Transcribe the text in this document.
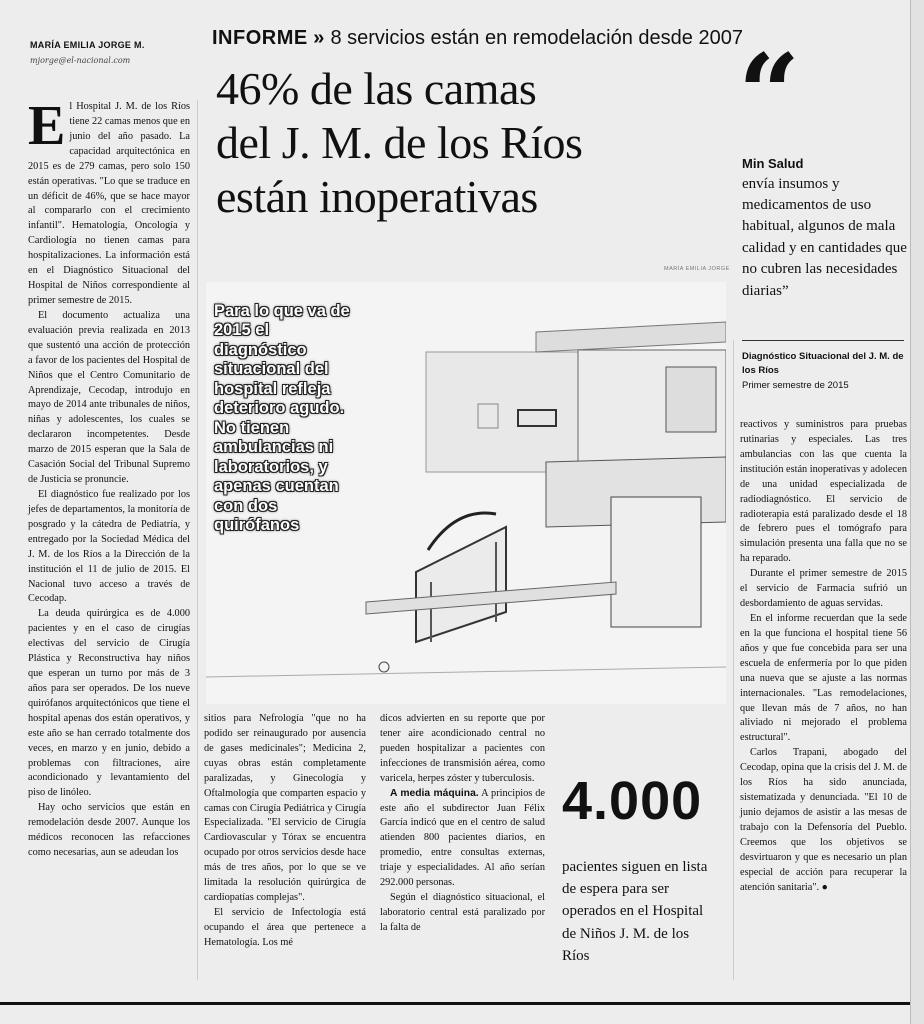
MARÍA EMILIA JORGE M.
mjorge@el-nacional.com
INFORME » 8 servicios están en remodelación desde 2007
46% de las camas
del J. M. de los Ríos
están inoperativas
“
Min Salud
envía insumos y medicamentos de uso habitual, algunos de mala calidad y en cantidades que no cubren las necesidades diarias”
Diagnóstico Situacional del J. M. de los Ríos
Primer semestre de 2015
E l Hospital J. M. de los Ríos tiene 22 camas menos que en junio del año pasado. La capacidad arquitectónica en 2015 es de 279 camas, pero solo 150 están operativas. "Lo que se traduce en un déficit de 46%, que se hace mayor al compararlo con el crecimiento infantil". Hematología, Oncología y Cardiología no tienen camas para hospitalizaciones. La información está en el Diagnóstico Situacional del Hospital de Niños correspondiente al primer semestre de 2015.

El documento actualiza una evaluación previa realizada en 2013 que sustentó una acción de protección a favor de los pacientes del Hospital de Niños que el Centro Comunitario de Aprendizaje, Cecodap, introdujo en mayo de 2014 ante tribunales de niños, niñas y adolescentes, los cuales se declararon incompetentes. Desde marzo de 2015 esperan que la Sala de Casación Social del Tribunal Supremo de Justicia se pronuncie.

El diagnóstico fue realizado por los jefes de departamentos, la monitoría de posgrado y la cátedra de Pediatría, y entregado por la Sociedad Médica del J. M. de los Ríos a la Dirección de la institución el 11 de julio de 2015. El Nacional tuvo acceso a través de Cecodap.

La deuda quirúrgica es de 4.000 pacientes y en el caso de cirugías electivas del servicio de Cirugía Plástica y Reconstructiva hay niños que esperan un turno por más de 3 años para ser operados. De los nueve quirófanos arquitectónicos que tiene el hospital apenas dos están operativos, y este año se han cerrado totalmente dos veces, en marzo y en junio, debido a problemas con filtraciones, aire acondicionado y levantamiento del piso de linóleo.

Hay ocho servicios que están en remodelación desde 2007. Aunque los médicos reconocen las refacciones como necesarias, aun se adeudan los

MARÍA EMILIA JORGE
Para lo que va de 2015 el diagnóstico situacional del hospital refleja deterioro agudo. No tienen ambulancias ni laboratorios, y apenas cuentan con dos quirófanos

sitios para Nefrología "que no ha podido ser reinaugurado por ausencia de gases medicinales"; Medicina 2, cuyas obras están completamente paralizadas, y Ginecología y Oftalmología que comparten espacio y camas con Cirugía Pediátrica y Cirugía Especializada. "El servicio de Cirugía Cardiovascular y Tórax se encuentra ocupado por otros servicios desde hace más de tres años, por lo que se ve limitada la resolución quirúrgica de cardiopatías complejas".

El servicio de Infectología está ocupando el área que pertenece a Hematología. Los mé

dicos advierten en su reporte que por tener aire acondicionado central no pueden hospitalizar a pacientes con infecciones de transmisión aérea, como varicela, herpes zóster y tuberculosis.

A media máquina. A principios de este año el subdirector Juan Félix García indicó que en el centro de salud atienden 800 pacientes diarios, en promedio, entre consultas externas, triaje y especialidades. Al año serían 292.000 personas.

Según el diagnóstico situacional, el laboratorio central está paralizado por la falta de

4.000
pacientes siguen en lista de espera para ser operados en el Hospital de Niños J. M. de los Ríos

reactivos y suministros para pruebas rutinarias y especiales. Las tres ambulancias con las que cuenta la institución están inoperativas y adolecen de una unidad especializada de radiodiagnóstico. El servicio de radioterapia está paralizado desde el 18 de febrero pues el tomógrafo para simulación presenta una falla que no se ha reparado.

Durante el primer semestre de 2015 el servicio de Farmacia sufrió un desbordamiento de aguas servidas.

En el informe recuerdan que la sede en la que funciona el hospital tiene 56 años y que fue concebida para ser una escuela de enfermería por lo que piden una nueva que se ajuste a las normas internacionales. "Las remodelaciones, que llevan más de 7 años, no han aliviado ni mejorado el problema estructural".

Carlos Trapani, abogado del Cecodap, opina que la crisis del J. M. de los Ríos ha sido anunciada, sistematizada y denunciada. "El 10 de junio dejamos de asistir a las mesas de trabajo con la Defensoría del Pueblo. Creemos que los objetivos se desvirtuaron y que es necesario un plan especial de acción para recuperar la atención sanitaria". ●
